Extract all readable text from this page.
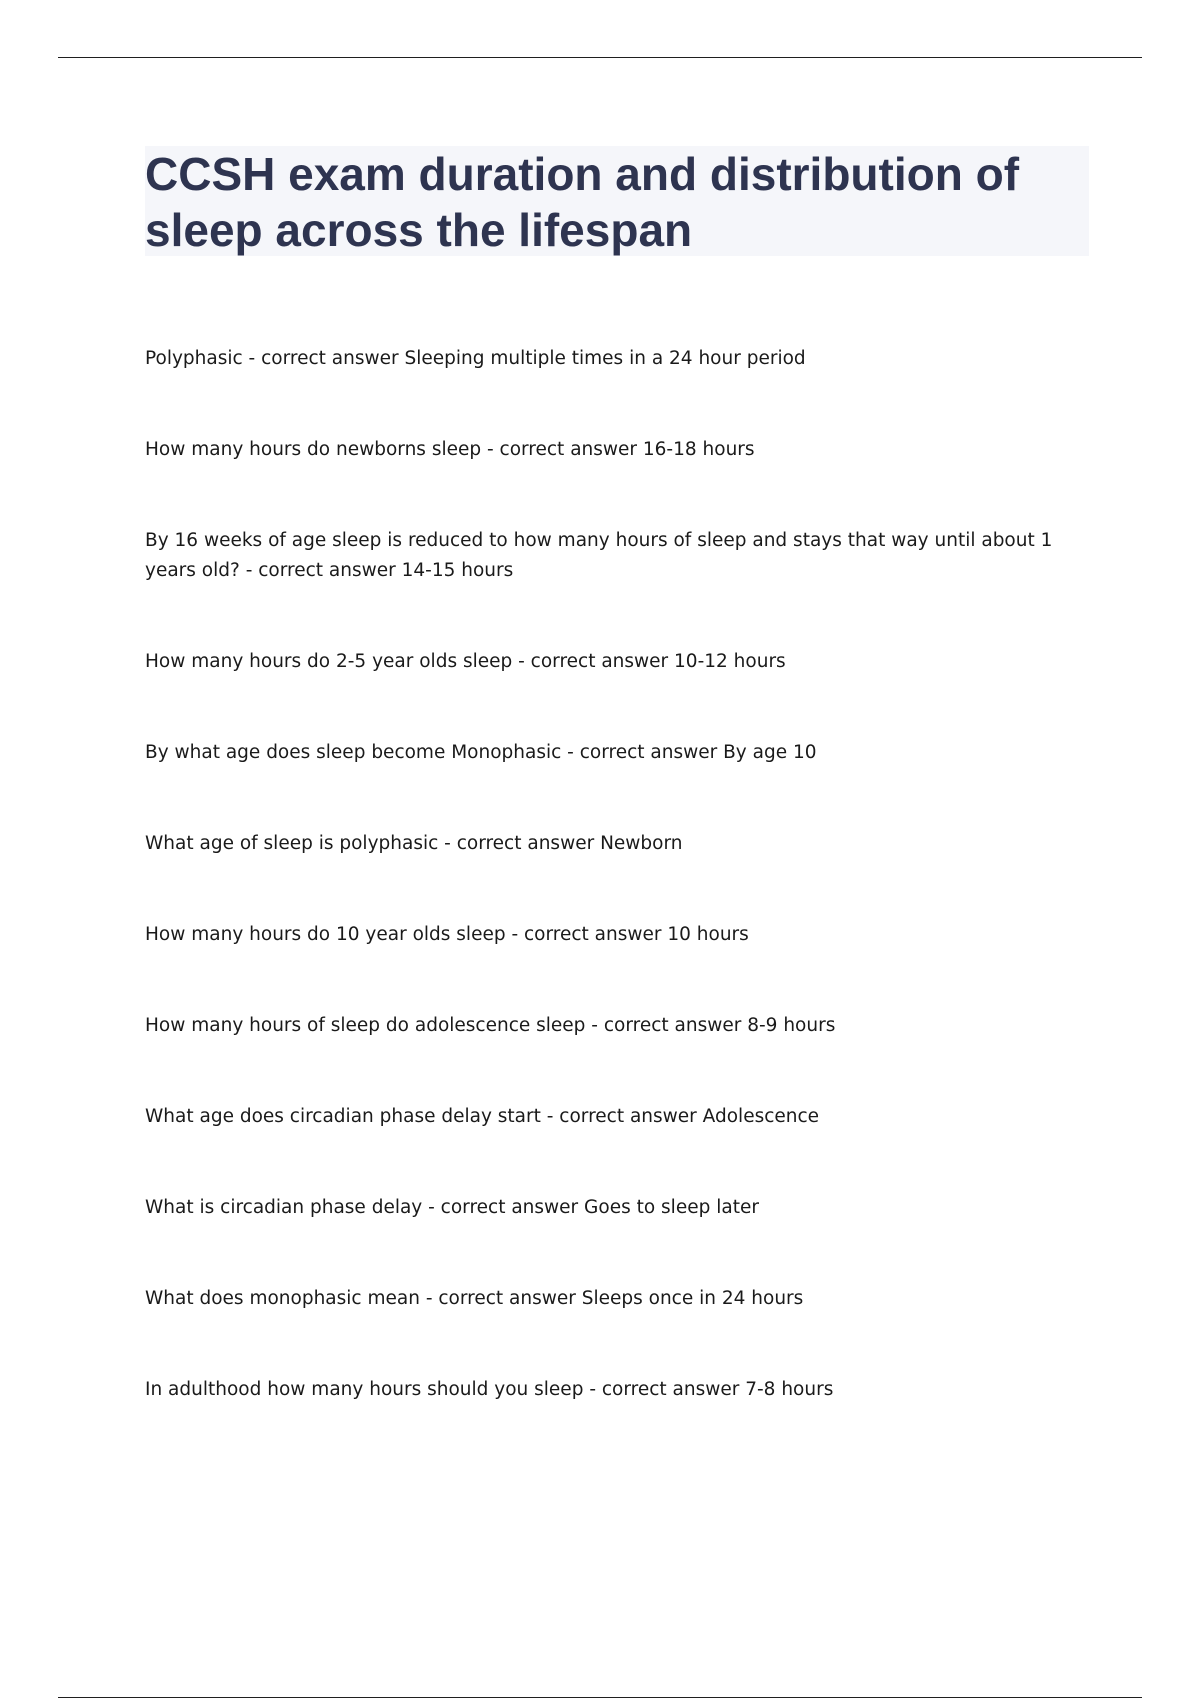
CCSH exam duration and distribution of sleep across the lifespan
Polyphasic - correct answer Sleeping multiple times in a 24 hour period
How many hours do newborns sleep - correct answer 16-18 hours
By 16 weeks of age sleep is reduced to how many hours of sleep and stays that way until about 1 years old? - correct answer 14-15 hours
How many hours do 2-5 year olds sleep - correct answer 10-12 hours
By what age does sleep become Monophasic - correct answer By age 10
What age of sleep is polyphasic - correct answer Newborn
How many hours do 10 year olds sleep - correct answer 10 hours
How many hours of sleep do adolescence sleep - correct answer 8-9 hours
What age does circadian phase delay start - correct answer Adolescence
What is circadian phase delay - correct answer Goes to sleep later
What does monophasic mean - correct answer Sleeps once in 24 hours
In adulthood how many hours should you sleep - correct answer 7-8 hours
